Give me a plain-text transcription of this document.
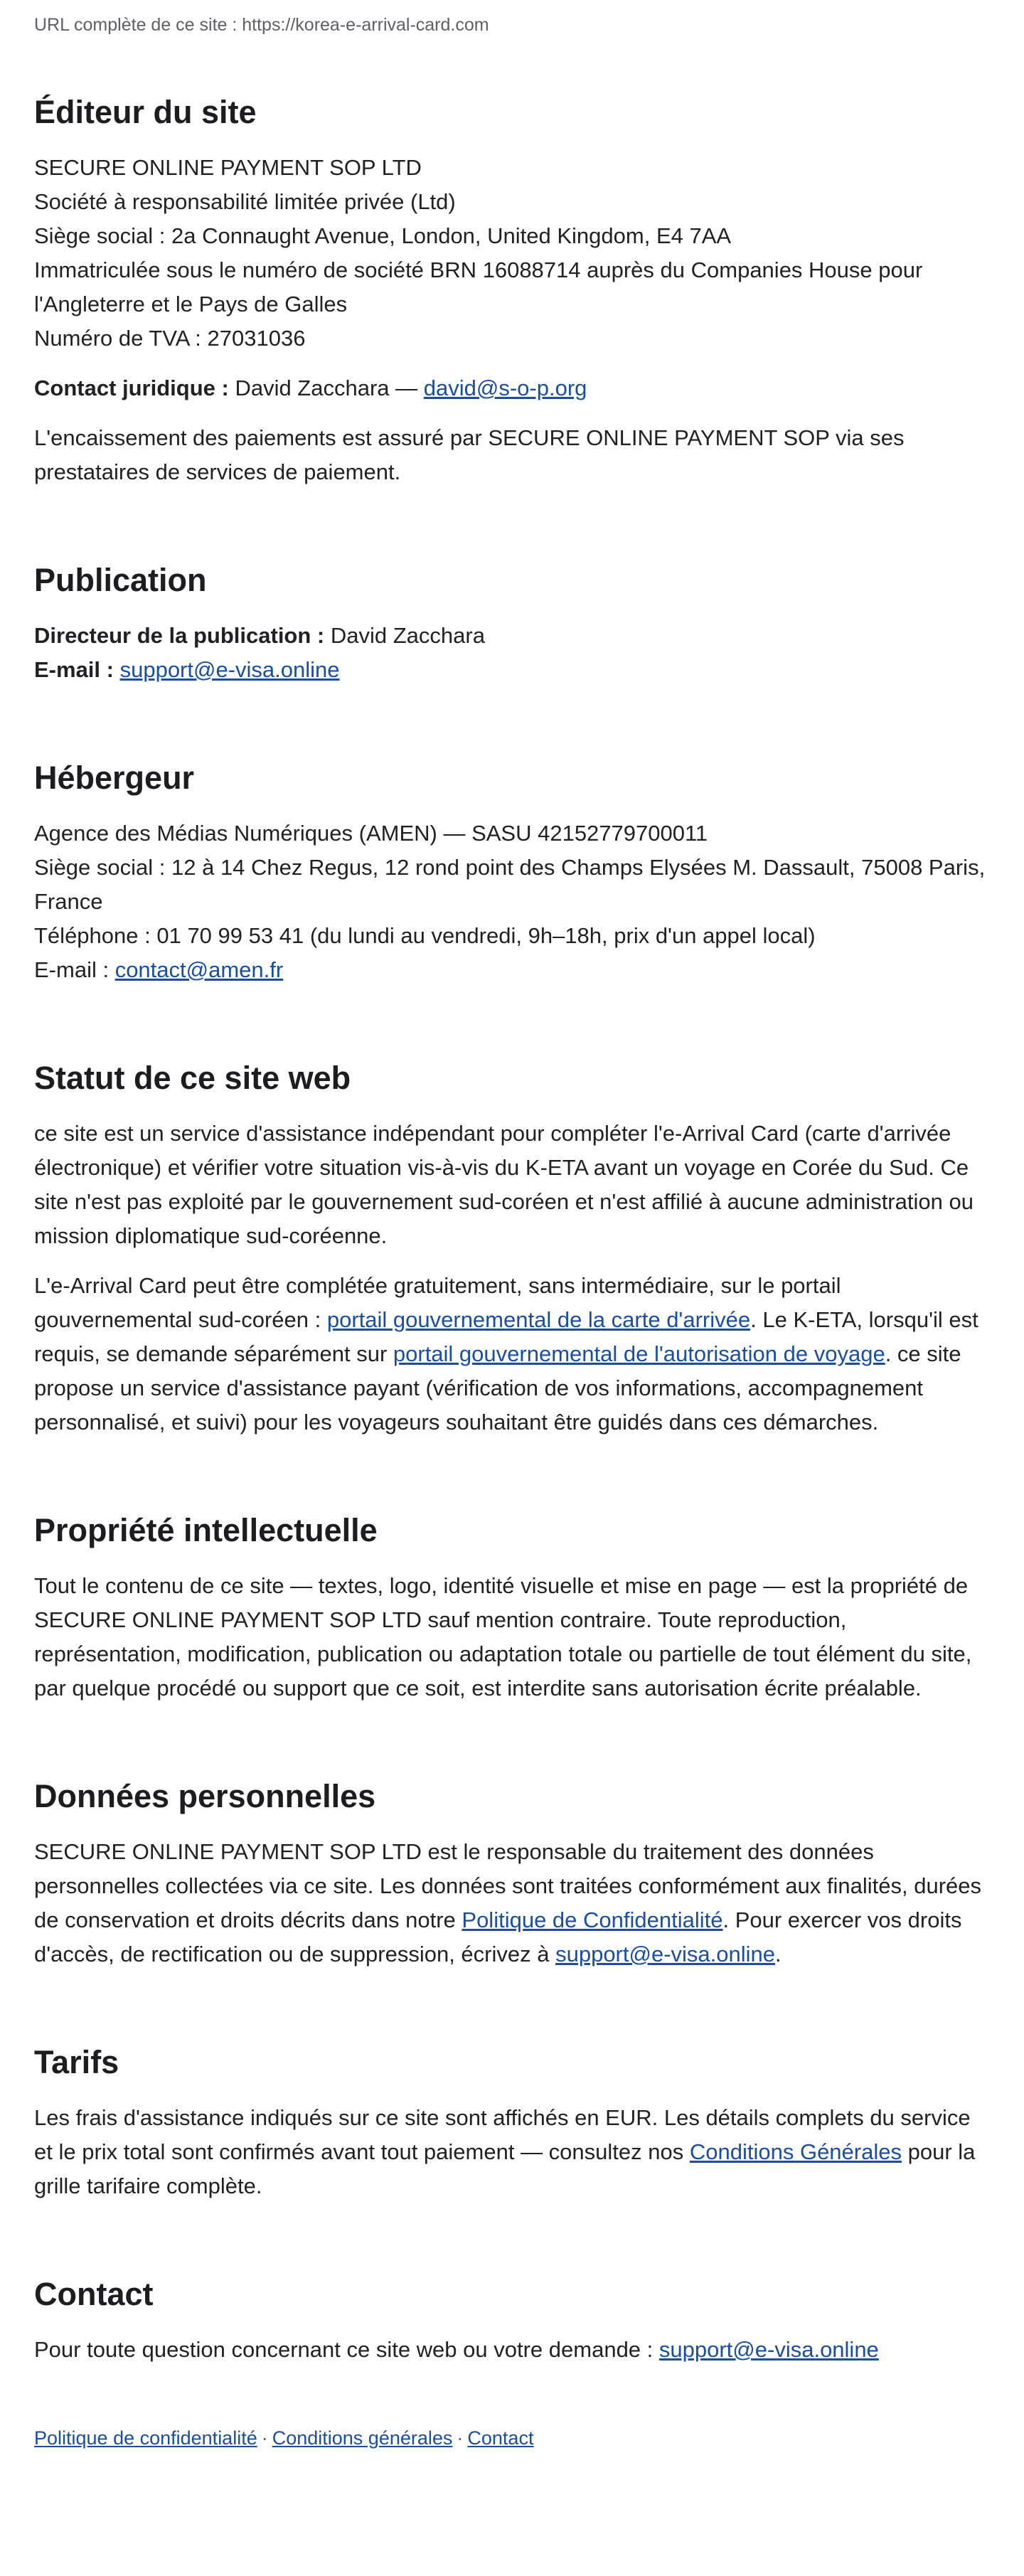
URL complète de ce site : https://korea-e-arrival-card.com

Éditeur du site

SECURE ONLINE PAYMENT SOP LTD
Société à responsabilité limitée privée (Ltd)
Siège social : 2a Connaught Avenue, London, United Kingdom, E4 7AA
Immatriculée sous le numéro de société BRN 16088714 auprès du Companies House pour l'Angleterre et le Pays de Galles
Numéro de TVA : 27031036

Contact juridique : David Zacchara — david@s-o-p.org

L'encaissement des paiements est assuré par SECURE ONLINE PAYMENT SOP via ses prestataires de services de paiement.

Publication

Directeur de la publication : David Zacchara
E-mail : support@e-visa.online

Hébergeur

Agence des Médias Numériques (AMEN) — SASU 42152779700011
Siège social : 12 à 14 Chez Regus, 12 rond point des Champs Elysées M. Dassault, 75008 Paris, France
Téléphone : 01 70 99 53 41 (du lundi au vendredi, 9h–18h, prix d'un appel local)
E-mail : contact@amen.fr

Statut de ce site web

ce site est un service d'assistance indépendant pour compléter l'e-Arrival Card (carte d'arrivée électronique) et vérifier votre situation vis-à-vis du K-ETA avant un voyage en Corée du Sud. Ce site n'est pas exploité par le gouvernement sud-coréen et n'est affilié à aucune administration ou mission diplomatique sud-coréenne.

L'e-Arrival Card peut être complétée gratuitement, sans intermédiaire, sur le portail gouvernemental sud-coréen : portail gouvernemental de la carte d'arrivée. Le K-ETA, lorsqu'il est requis, se demande séparément sur portail gouvernemental de l'autorisation de voyage. ce site propose un service d'assistance payant (vérification de vos informations, accompagnement personnalisé, et suivi) pour les voyageurs souhaitant être guidés dans ces démarches.

Propriété intellectuelle

Tout le contenu de ce site — textes, logo, identité visuelle et mise en page — est la propriété de SECURE ONLINE PAYMENT SOP LTD sauf mention contraire. Toute reproduction, représentation, modification, publication ou adaptation totale ou partielle de tout élément du site, par quelque procédé ou support que ce soit, est interdite sans autorisation écrite préalable.

Données personnelles

SECURE ONLINE PAYMENT SOP LTD est le responsable du traitement des données personnelles collectées via ce site. Les données sont traitées conformément aux finalités, durées de conservation et droits décrits dans notre Politique de Confidentialité. Pour exercer vos droits d'accès, de rectification ou de suppression, écrivez à support@e-visa.online.

Tarifs

Les frais d'assistance indiqués sur ce site sont affichés en EUR. Les détails complets du service et le prix total sont confirmés avant tout paiement — consultez nos Conditions Générales pour la grille tarifaire complète.

Contact

Pour toute question concernant ce site web ou votre demande : support@e-visa.online

Politique de confidentialité · Conditions générales · Contact
